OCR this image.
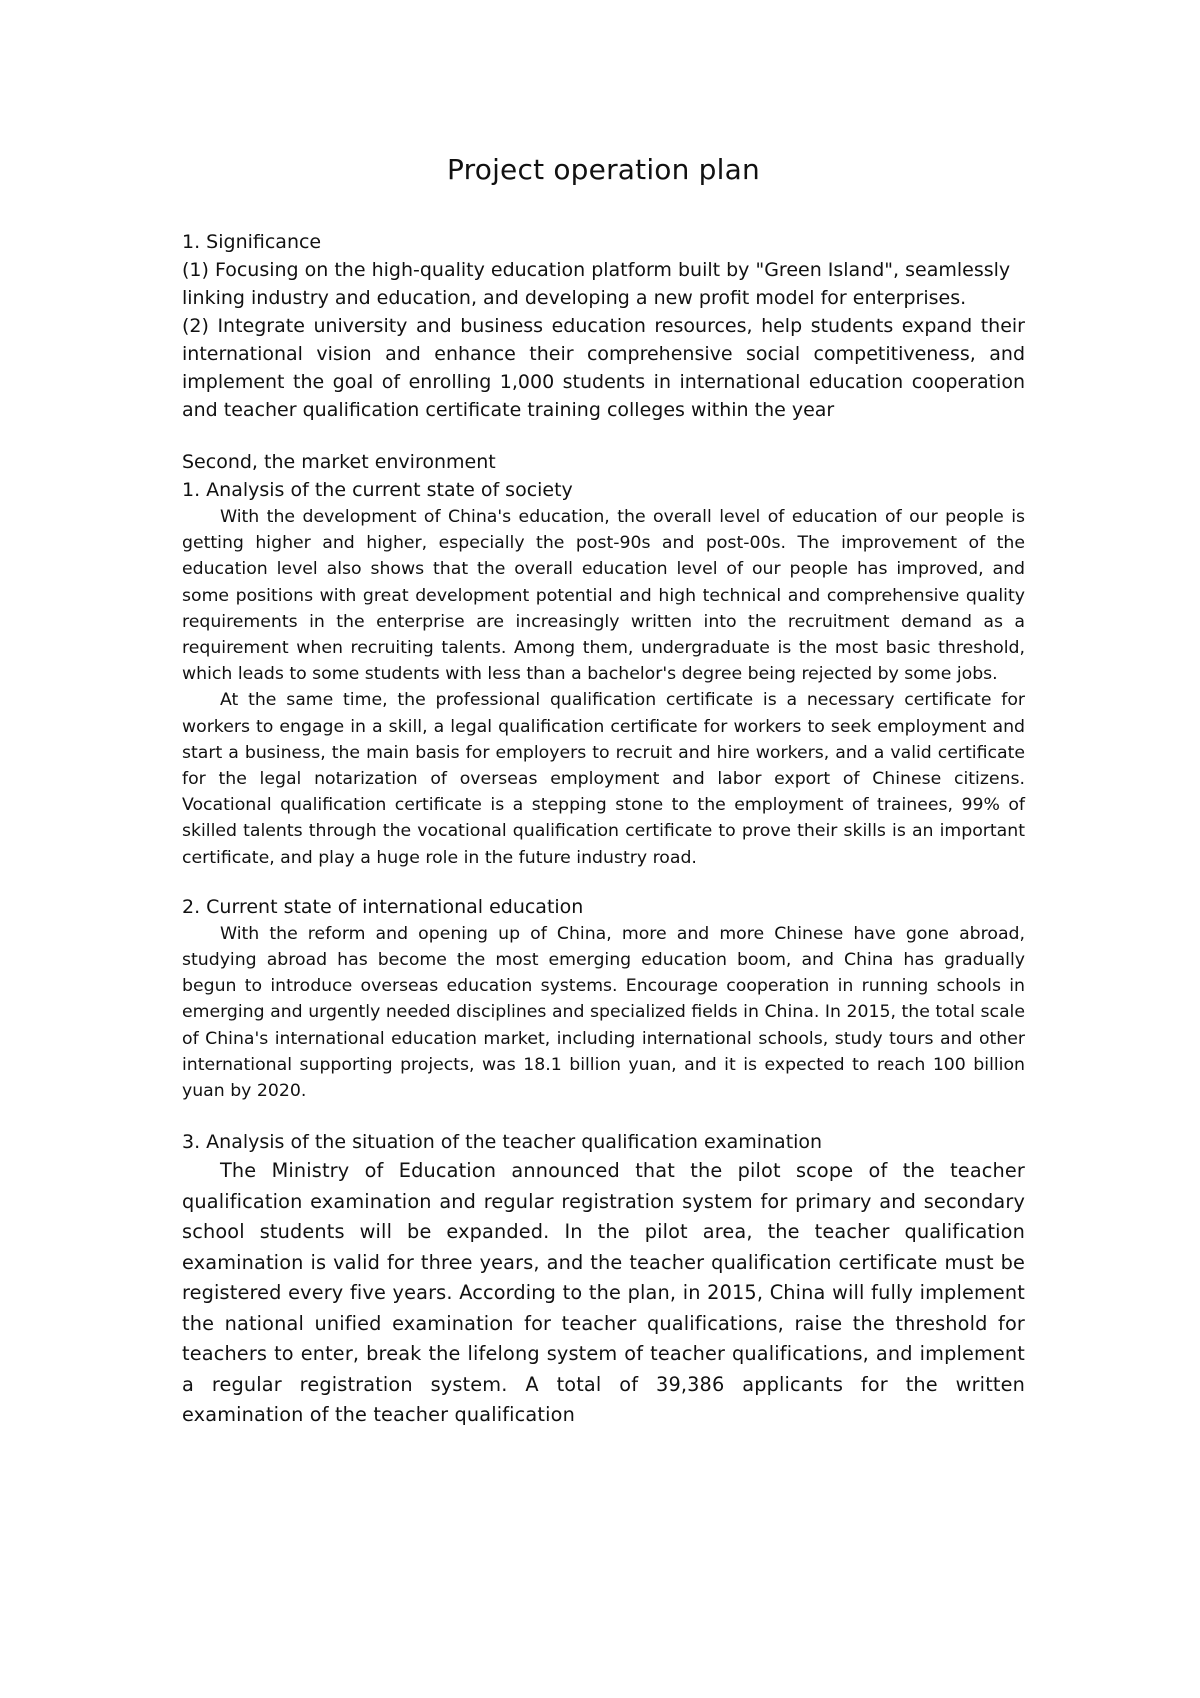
Project operation plan

1. Significance

(1) Focusing on the high-quality education platform built by "Green Island", seamlessly linking industry and education, and developing a new profit model for enterprises.

(2) Integrate university and business education resources, help students expand their international vision and enhance their comprehensive social competitiveness, and implement the goal of enrolling 1,000 students in international education cooperation and teacher qualification certificate training colleges within the year

Second, the market environment

1. Analysis of the current state of society

With the development of China's education, the overall level of education of our people is getting higher and higher, especially the post-90s and post-00s. The improvement of the education level also shows that the overall education level of our people has improved, and some positions with great development potential and high technical and comprehensive quality requirements in the enterprise are increasingly written into the recruitment demand as a requirement when recruiting talents. Among them, undergraduate is the most basic threshold, which leads to some students with less than a bachelor's degree being rejected by some jobs.

At the same time, the professional qualification certificate is a necessary certificate for workers to engage in a skill, a legal qualification certificate for workers to seek employment and start a business, the main basis for employers to recruit and hire workers, and a valid certificate for the legal notarization of overseas employment and labor export of Chinese citizens. Vocational qualification certificate is a stepping stone to the employment of trainees, 99% of skilled talents through the vocational qualification certificate to prove their skills is an important certificate, and play a huge role in the future industry road.

2. Current state of international education

With the reform and opening up of China, more and more Chinese have gone abroad, studying abroad has become the most emerging education boom, and China has gradually begun to introduce overseas education systems. Encourage cooperation in running schools in emerging and urgently needed disciplines and specialized fields in China. In 2015, the total scale of China's international education market, including international schools, study tours and other international supporting projects, was 18.1 billion yuan, and it is expected to reach 100 billion yuan by 2020.

3. Analysis of the situation of the teacher qualification examination

The Ministry of Education announced that the pilot scope of the teacher qualification examination and regular registration system for primary and secondary school students will be expanded. In the pilot area, the teacher qualification examination is valid for three years, and the teacher qualification certificate must be registered every five years. According to the plan, in 2015, China will fully implement the national unified examination for teacher qualifications, raise the threshold for teachers to enter, break the lifelong system of teacher qualifications, and implement a regular registration system. A total of 39,386 applicants for the written examination of the teacher qualification
